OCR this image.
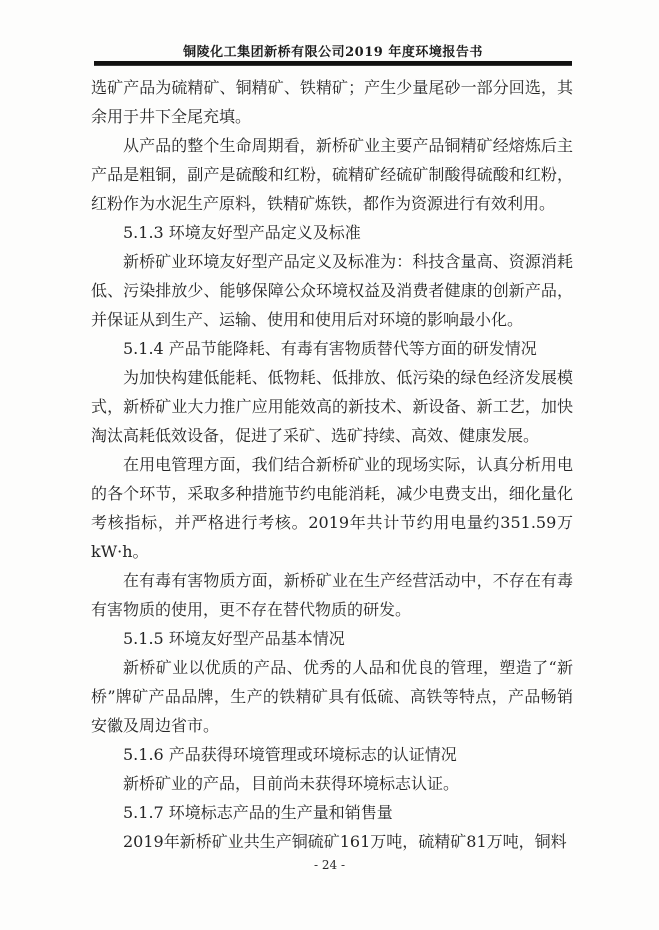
铜陵化工集团新桥有限公司2019 年度环境报告书

选矿产品为硫精矿、铜精矿、铁精矿；产生少量尾砂一部分回选，其余用于井下全尾充填。

从产品的整个生命周期看，新桥矿业主要产品铜精矿经熔炼后主产品是粗铜，副产是硫酸和红粉，硫精矿经硫矿制酸得硫酸和红粉，红粉作为水泥生产原料，铁精矿炼铁，都作为资源进行有效利用。

5.1.3 环境友好型产品定义及标准

新桥矿业环境友好型产品定义及标准为：科技含量高、资源消耗低、污染排放少、能够保障公众环境权益及消费者健康的创新产品，并保证从到生产、运输、使用和使用后对环境的影响最小化。

5.1.4 产品节能降耗、有毒有害物质替代等方面的研发情况

为加快构建低能耗、低物耗、低排放、低污染的绿色经济发展模式，新桥矿业大力推广应用能效高的新技术、新设备、新工艺，加快淘汰高耗低效设备，促进了采矿、选矿持续、高效、健康发展。

在用电管理方面，我们结合新桥矿业的现场实际，认真分析用电的各个环节，采取多种措施节约电能消耗，减少电费支出，细化量化考核指标，并严格进行考核。2019年共计节约用电量约351.59万kW·h。

在有毒有害物质方面，新桥矿业在生产经营活动中，不存在有毒有害物质的使用，更不存在替代物质的研发。

5.1.5 环境友好型产品基本情况

新桥矿业以优质的产品、优秀的人品和优良的管理，塑造了“新桥”牌矿产品品牌，生产的铁精矿具有低硫、高铁等特点，产品畅销安徽及周边省市。

5.1.6 产品获得环境管理或环境标志的认证情况

新桥矿业的产品，目前尚未获得环境标志认证。

5.1.7 环境标志产品的生产量和销售量

2019年新桥矿业共生产铜硫矿161万吨，硫精矿81万吨，铜料

- 24 -
